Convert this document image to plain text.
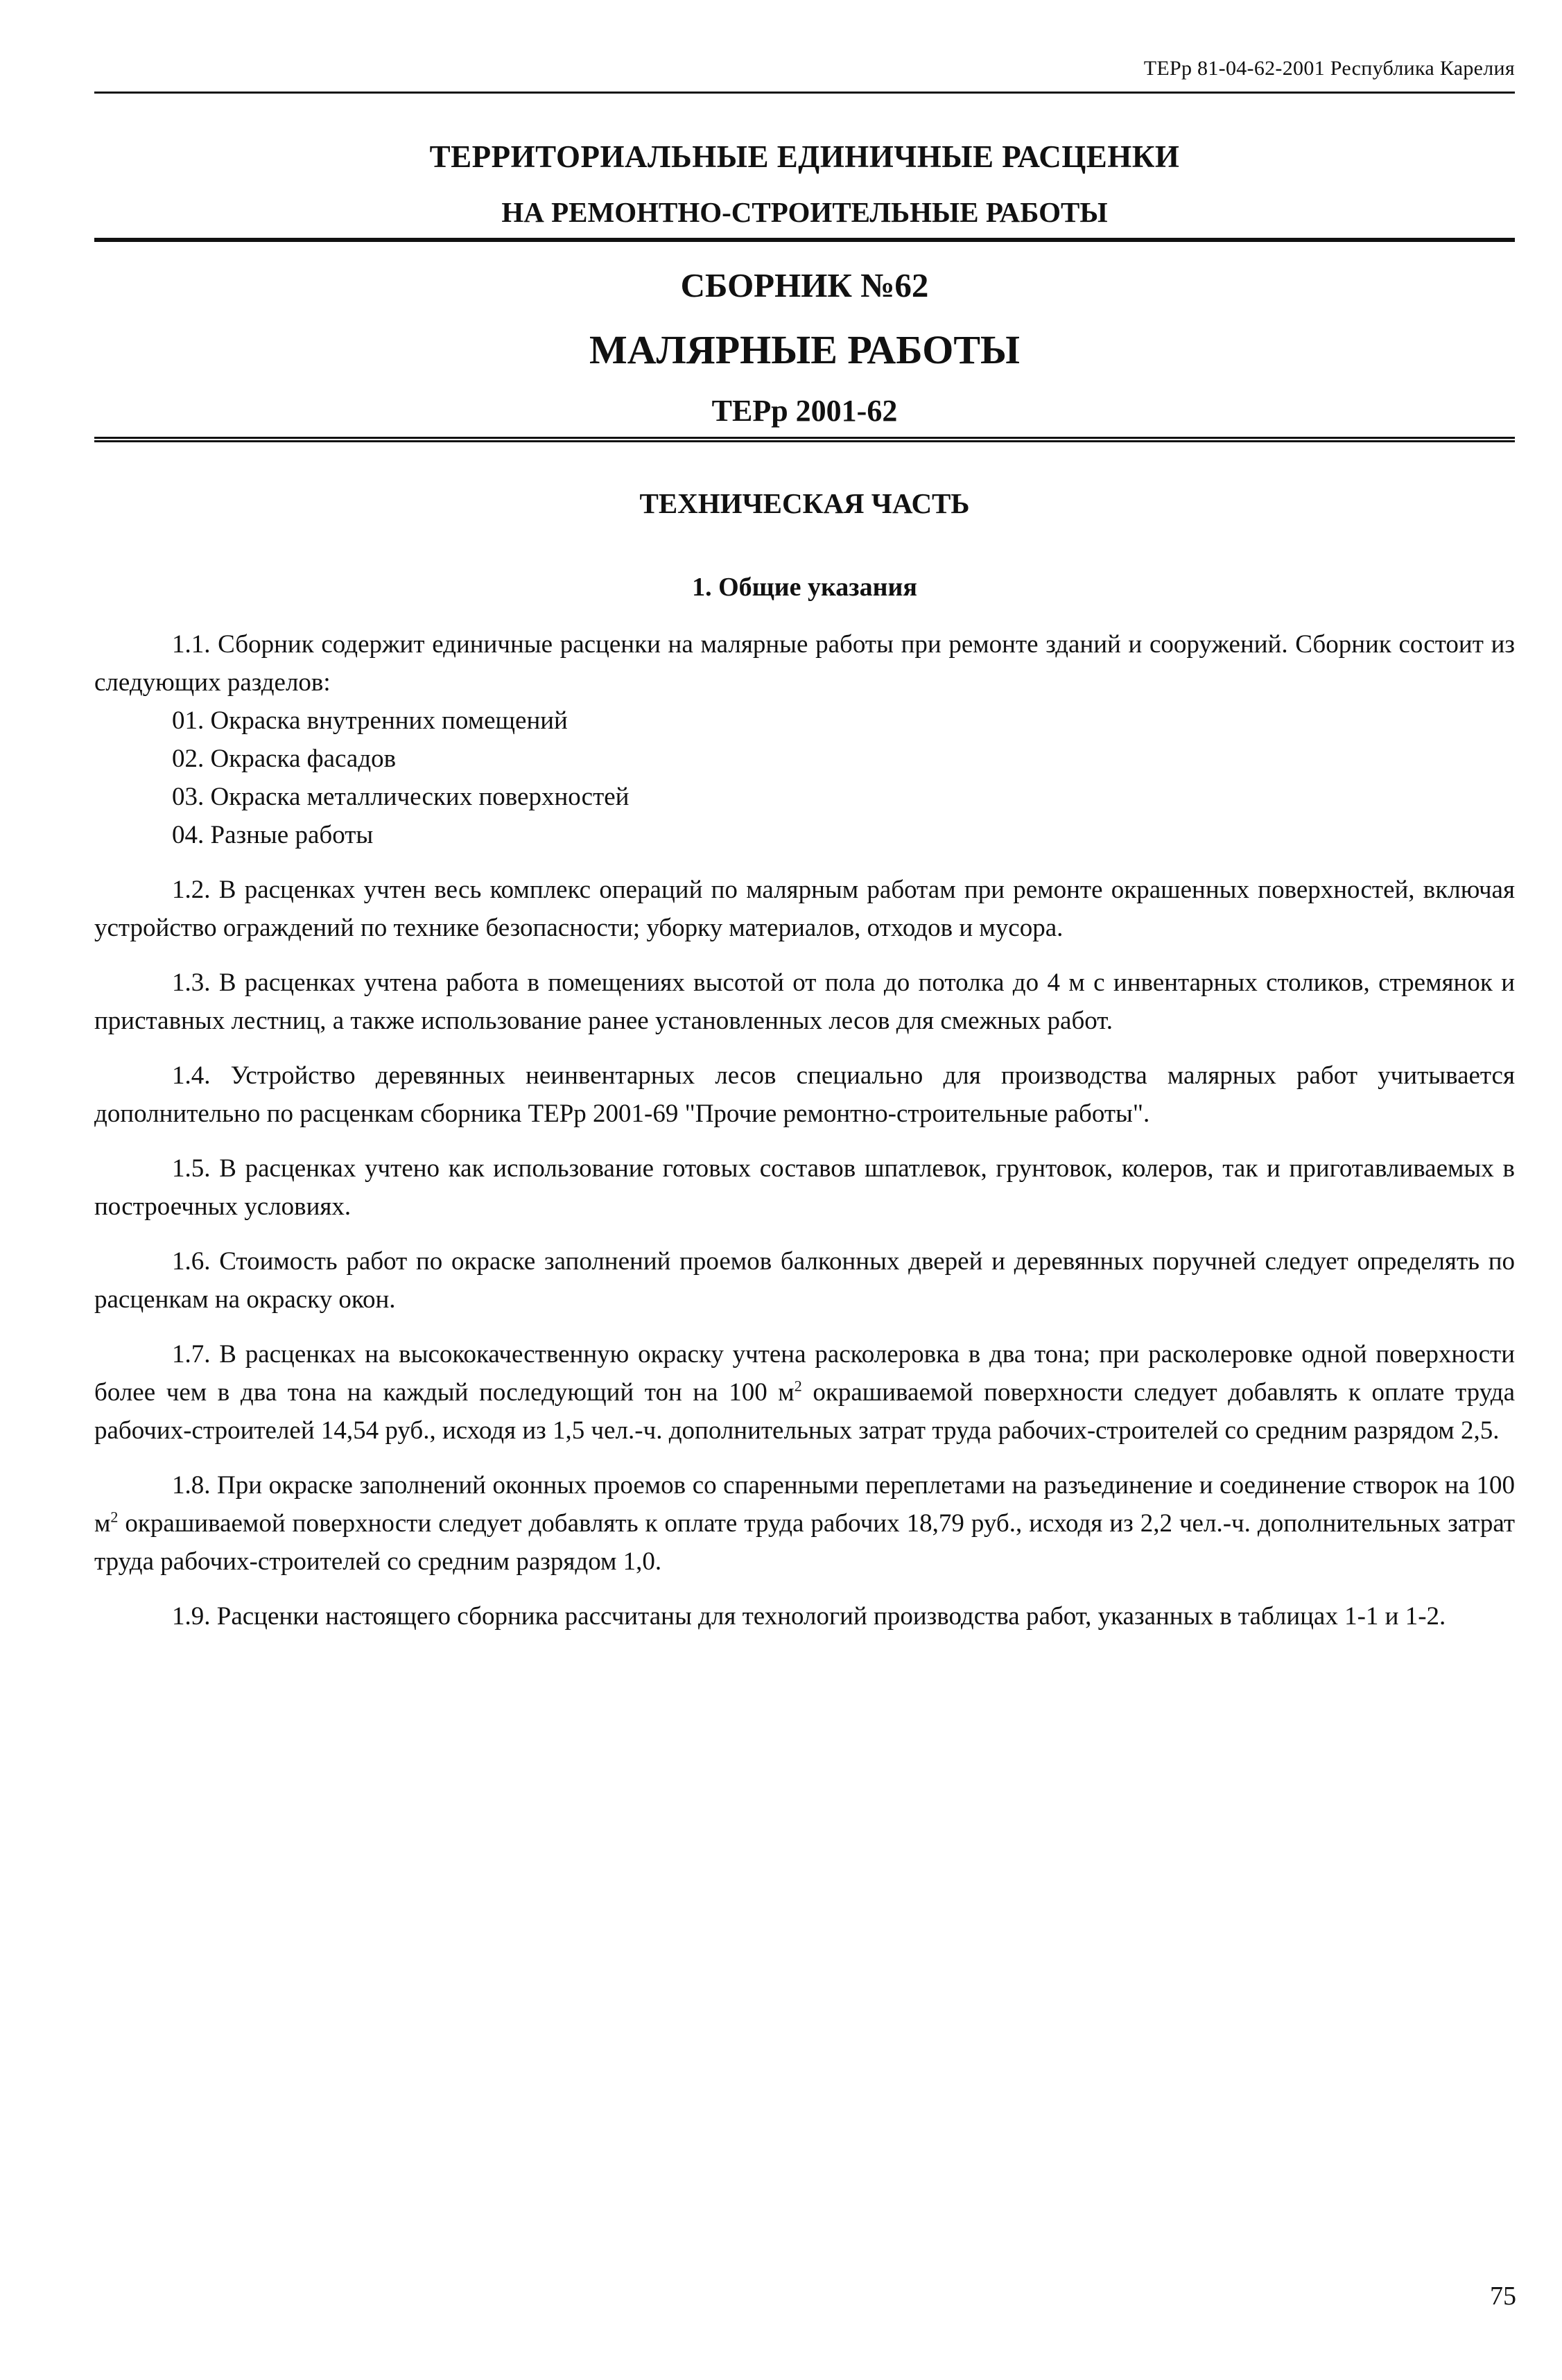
ТЕРр 81-04-62-2001 Республика Карелия
ТЕРРИТОРИАЛЬНЫЕ ЕДИНИЧНЫЕ РАСЦЕНКИ
НА РЕМОНТНО-СТРОИТЕЛЬНЫЕ РАБОТЫ
СБОРНИК №62
МАЛЯРНЫЕ РАБОТЫ
ТЕРр 2001-62
ТЕХНИЧЕСКАЯ ЧАСТЬ
1. Общие указания

1.1. Сборник содержит единичные расценки на малярные работы при ремонте зданий и сооружений. Сборник состоит из следующих разделов:

01. Окраска внутренних помещений

02. Окраска фасадов

03. Окраска металлических поверхностей

04. Разные работы

1.2. В расценках учтен весь комплекс операций по малярным работам при ремонте окрашенных поверхностей, включая устройство ограждений по технике безопасности; уборку материалов, отходов и мусора.

1.3. В расценках учтена работа в помещениях высотой от пола до потолка до 4 м с инвентарных столиков, стремянок и приставных лестниц, а также использование ранее установленных лесов для смежных работ.

1.4. Устройство деревянных неинвентарных лесов специально для производства малярных работ учитывается дополнительно по расценкам сборника ТЕРр 2001-69 "Прочие ремонтно-строительные работы".

1.5. В расценках учтено как использование готовых составов шпатлевок, грунтовок, колеров, так и приготавливаемых в построечных условиях.

1.6. Стоимость работ по окраске заполнений проемов балконных дверей и деревянных поручней следует определять по расценкам на окраску окон.

1.7. В расценках на высококачественную окраску учтена расколеровка в два тона; при расколеровке одной поверхности более чем в два тона на каждый последующий тон на 100 $м^2$ окрашиваемой поверхности следует добавлять к оплате труда рабочих-строителей 14,54 руб., исходя из 1,5 чел.-ч. дополнительных затрат труда рабочих-строителей со средним разрядом 2,5.

1.8. При окраске заполнений оконных проемов со спаренными переплетами на разъединение и соединение створок на 100 $м^2$ окрашиваемой поверхности следует добавлять к оплате труда рабочих 18,79 руб., исходя из 2,2 чел.-ч. дополнительных затрат труда рабочих-строителей со средним разрядом 1,0.

1.9. Расценки настоящего сборника рассчитаны для технологий производства работ, указанных в таблицах 1-1 и 1-2.

75
